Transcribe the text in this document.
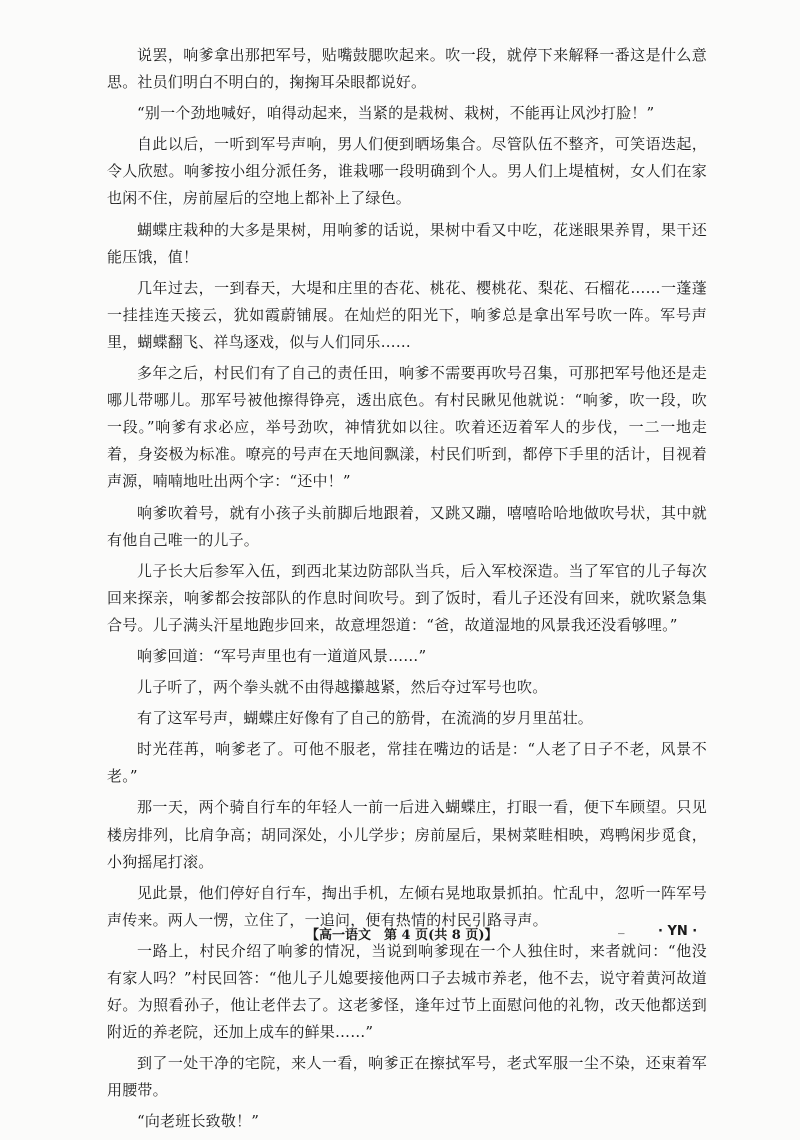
说罢，响爹拿出那把军号，贴嘴鼓腮吹起来。吹一段，就停下来解释一番这是什么意思。社员们明白不明白的，掬掬耳朵眼都说好。

“别一个劲地喊好，咱得动起来，当紧的是栽树、栽树，不能再让风沙打脸！”

自此以后，一听到军号声响，男人们便到晒场集合。尽管队伍不整齐，可笑语迭起，令人欣慰。响爹按小组分派任务，谁栽哪一段明确到个人。男人们上堤植树，女人们在家也闲不住，房前屋后的空地上都补上了绿色。

蝴蝶庄栽种的大多是果树，用响爹的话说，果树中看又中吃，花迷眼果养胃，果干还能压饿，值！

几年过去，一到春天，大堤和庄里的杏花、桃花、樱桃花、梨花、石榴花……一蓬蓬一挂挂连天接云，犹如霞蔚铺展。在灿烂的阳光下，响爹总是拿出军号吹一阵。军号声里，蝴蝶翻飞、祥鸟逐戏，似与人们同乐……

多年之后，村民们有了自己的责任田，响爹不需要再吹号召集，可那把军号他还是走哪儿带哪儿。那军号被他擦得铮亮，透出底色。有村民瞅见他就说：“响爹，吹一段，吹一段。”响爹有求必应，举号劲吹，神情犹如以往。吹着还迈着军人的步伐，一二一地走着，身姿极为标准。嘹亮的号声在天地间飘漾，村民们听到，都停下手里的活计，目视着声源，喃喃地吐出两个字：“还中！”

响爹吹着号，就有小孩子头前脚后地跟着，又跳又蹦，嘻嘻哈哈地做吹号状，其中就有他自己唯一的儿子。

儿子长大后参军入伍，到西北某边防部队当兵，后入军校深造。当了军官的儿子每次回来探亲，响爹都会按部队的作息时间吹号。到了饭时，看儿子还没有回来，就吹紧急集合号。儿子满头汗星地跑步回来，故意埋怨道：“爸，故道湿地的风景我还没看够哩。”

响爹回道：“军号声里也有一道道风景……”

儿子听了，两个拳头就不由得越攥越紧，然后夺过军号也吹。

有了这军号声，蝴蝶庄好像有了自己的筋骨，在流淌的岁月里茁壮。

时光荏苒，响爹老了。可他不服老，常挂在嘴边的话是：“人老了日子不老，风景不老。”

那一天，两个骑自行车的年轻人一前一后进入蝴蝶庄，打眼一看，便下车顾望。只见楼房排列，比肩争高；胡同深处，小儿学步；房前屋后，果树菜畦相映，鸡鸭闲步觅食，小狗摇尾打滚。

见此景，他们停好自行车，掏出手机，左倾右晃地取景抓拍。忙乱中，忽听一阵军号声传来。两人一愣，立住了，一追问，便有热情的村民引路寻声。

一路上，村民介绍了响爹的情况，当说到响爹现在一个人独住时，来者就问：“他没有家人吗？”村民回答：“他儿子儿媳要接他两口子去城市养老，他不去，说守着黄河故道好。为照看孙子，他让老伴去了。这老爹怪，逢年过节上面慰问他的礼物，改天他都送到附近的养老院，还加上成车的鲜果……”

到了一处干净的宅院，来人一看，响爹正在擦拭军号，老式军服一尘不染，还束着军用腰带。

“向老班长致敬！”

【高一语文　第 4 页(共 8 页)】
_	· YN ·
